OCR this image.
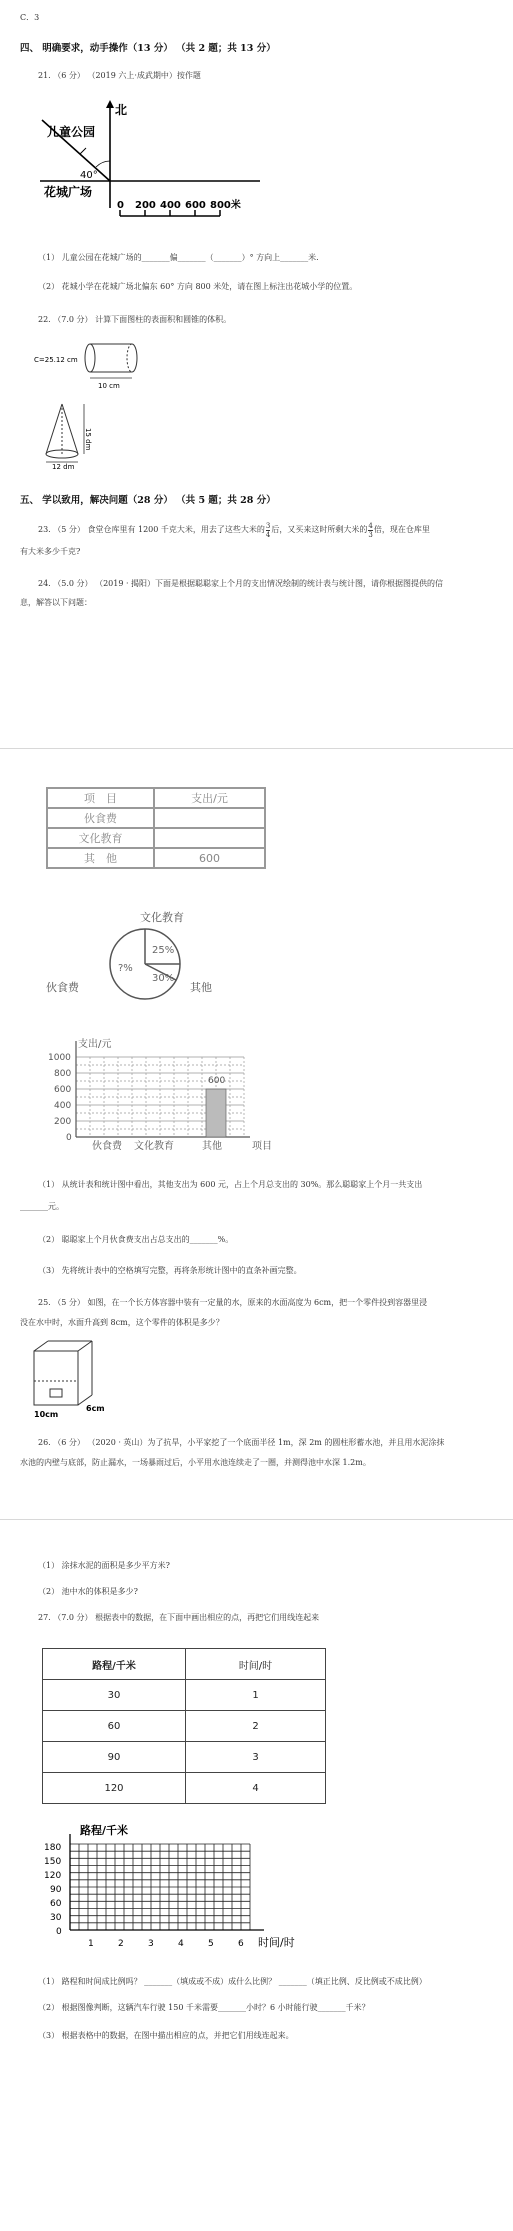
C．3
四、 明确要求，动手操作（13 分） （共 2 题；共 13 分）
21. （6 分） （2019 六上·成武期中）按作题
北
儿童公园
40°
花城广场
0 200 400 600 800米
（1） 儿童公园在花城广场的_______偏_______（_______）° 方向上_______米.
（2） 花城小学在花城广场北偏东 60° 方向 800 米处，请在图上标注出花城小学的位置。
22. （7.0 分） 计算下面图柱的表面积和圆锥的体积。
C=25.12 cm
10 cm
15 dm
12 dm
五、 学以致用，解决问题（28 分） （共 5 题；共 28 分）
23. （5 分） 食堂仓库里有 1200 千克大米，用去了这些大米的 $\frac{3}{4}$ 后，又买来这时所剩大米的 $\frac{4}{3}$ 倍，现在仓库里
有大米多少千克?
24. （5.0 分） （2019 · 揭阳）下面是根据聪聪家上个月的支出情况绘制的统计表与统计图，请你根据图提供的信
息，解答以下问题：
项　目	支出/元
伙食费	
文化教育	
其　他	600
25%
?%
30%
文化教育
伙食费	其他
支出/元
项目
伙食费 文化教育	其他
600
1000
800
600
400
200
0
（1） 从统计表和统计图中看出，其他支出为 600 元，占上个月总支出的 30%。那么聪聪家上个月一共支出
_______元。
（2） 聪聪家上个月伙食费支出占总支出的_______%。
（3） 先将统计表中的空格填写完整，再将条形统计图中的直条补画完整。
25. （5 分） 如图，在一个长方体容器中装有一定量的水，原来的水面高度为 6cm，把一个零件投到容器里浸
没在水中时，水面升高到 8cm，这个零件的体积是多少？
10cm
6cm
26. （6 分） （2020 · 英山）为了抗旱，小平家挖了一个底面半径 1m，深 2m 的圆柱形蓄水池，并且用水泥涂抹
水池的内壁与底部，防止漏水，一场暴雨过后，小平用水池连续走了一圈，并测得池中水深 1.2m。
（1） 涂抹水泥的面积是多少平方米?
（2） 池中水的体积是多少?
27. （7.0 分） 根据表中的数据，在下面中画出相应的点，再把它们用线连起来
路程/千米	时间/时
30	1
60	2
90	3
120	4
路程/千米
时间/时
180
150
120
90
60
30
0
1	2	3	4	5	6
（1） 路程和时间成比例吗？ _______（填成或不成）成什么比例？ _______（填正比例、反比例或不成比例）
（2） 根据图像判断，这辆汽车行驶 150 千米需要_______小时？6 小时能行驶_______千米？
（3） 根据表格中的数据，在图中描出相应的点，并把它们用线连起来。
